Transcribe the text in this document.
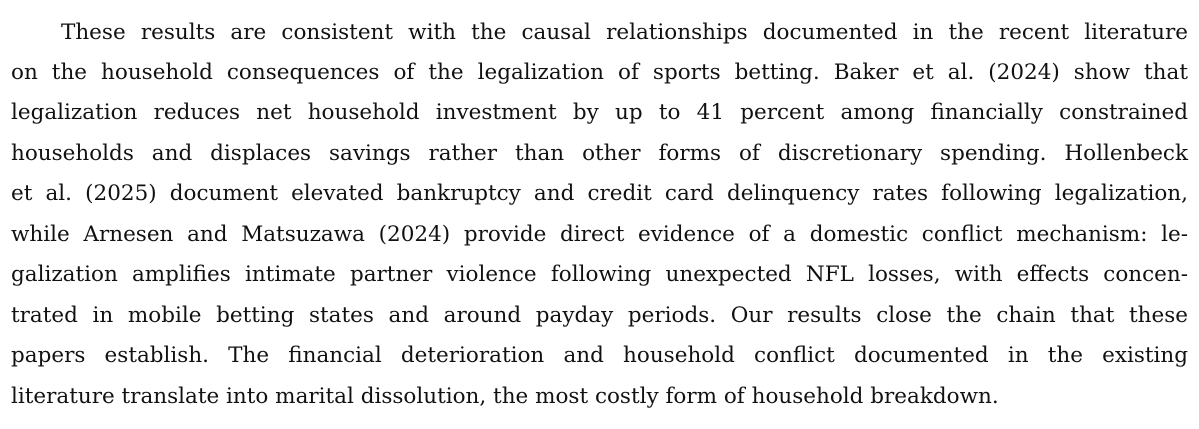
These results are consistent with the causal relationships documented in the recent literature
on the household consequences of the legalization of sports betting. Baker et al. (2024) show that
legalization reduces net household investment by up to 41 percent among financially constrained
households and displaces savings rather than other forms of discretionary spending. Hollenbeck
et al. (2025) document elevated bankruptcy and credit card delinquency rates following legalization,
while Arnesen and Matsuzawa (2024) provide direct evidence of a domestic conflict mechanism: le-
galization amplifies intimate partner violence following unexpected NFL losses, with effects concen-
trated in mobile betting states and around payday periods. Our results close the chain that these
papers establish. The financial deterioration and household conflict documented in the existing
literature translate into marital dissolution, the most costly form of household breakdown.
